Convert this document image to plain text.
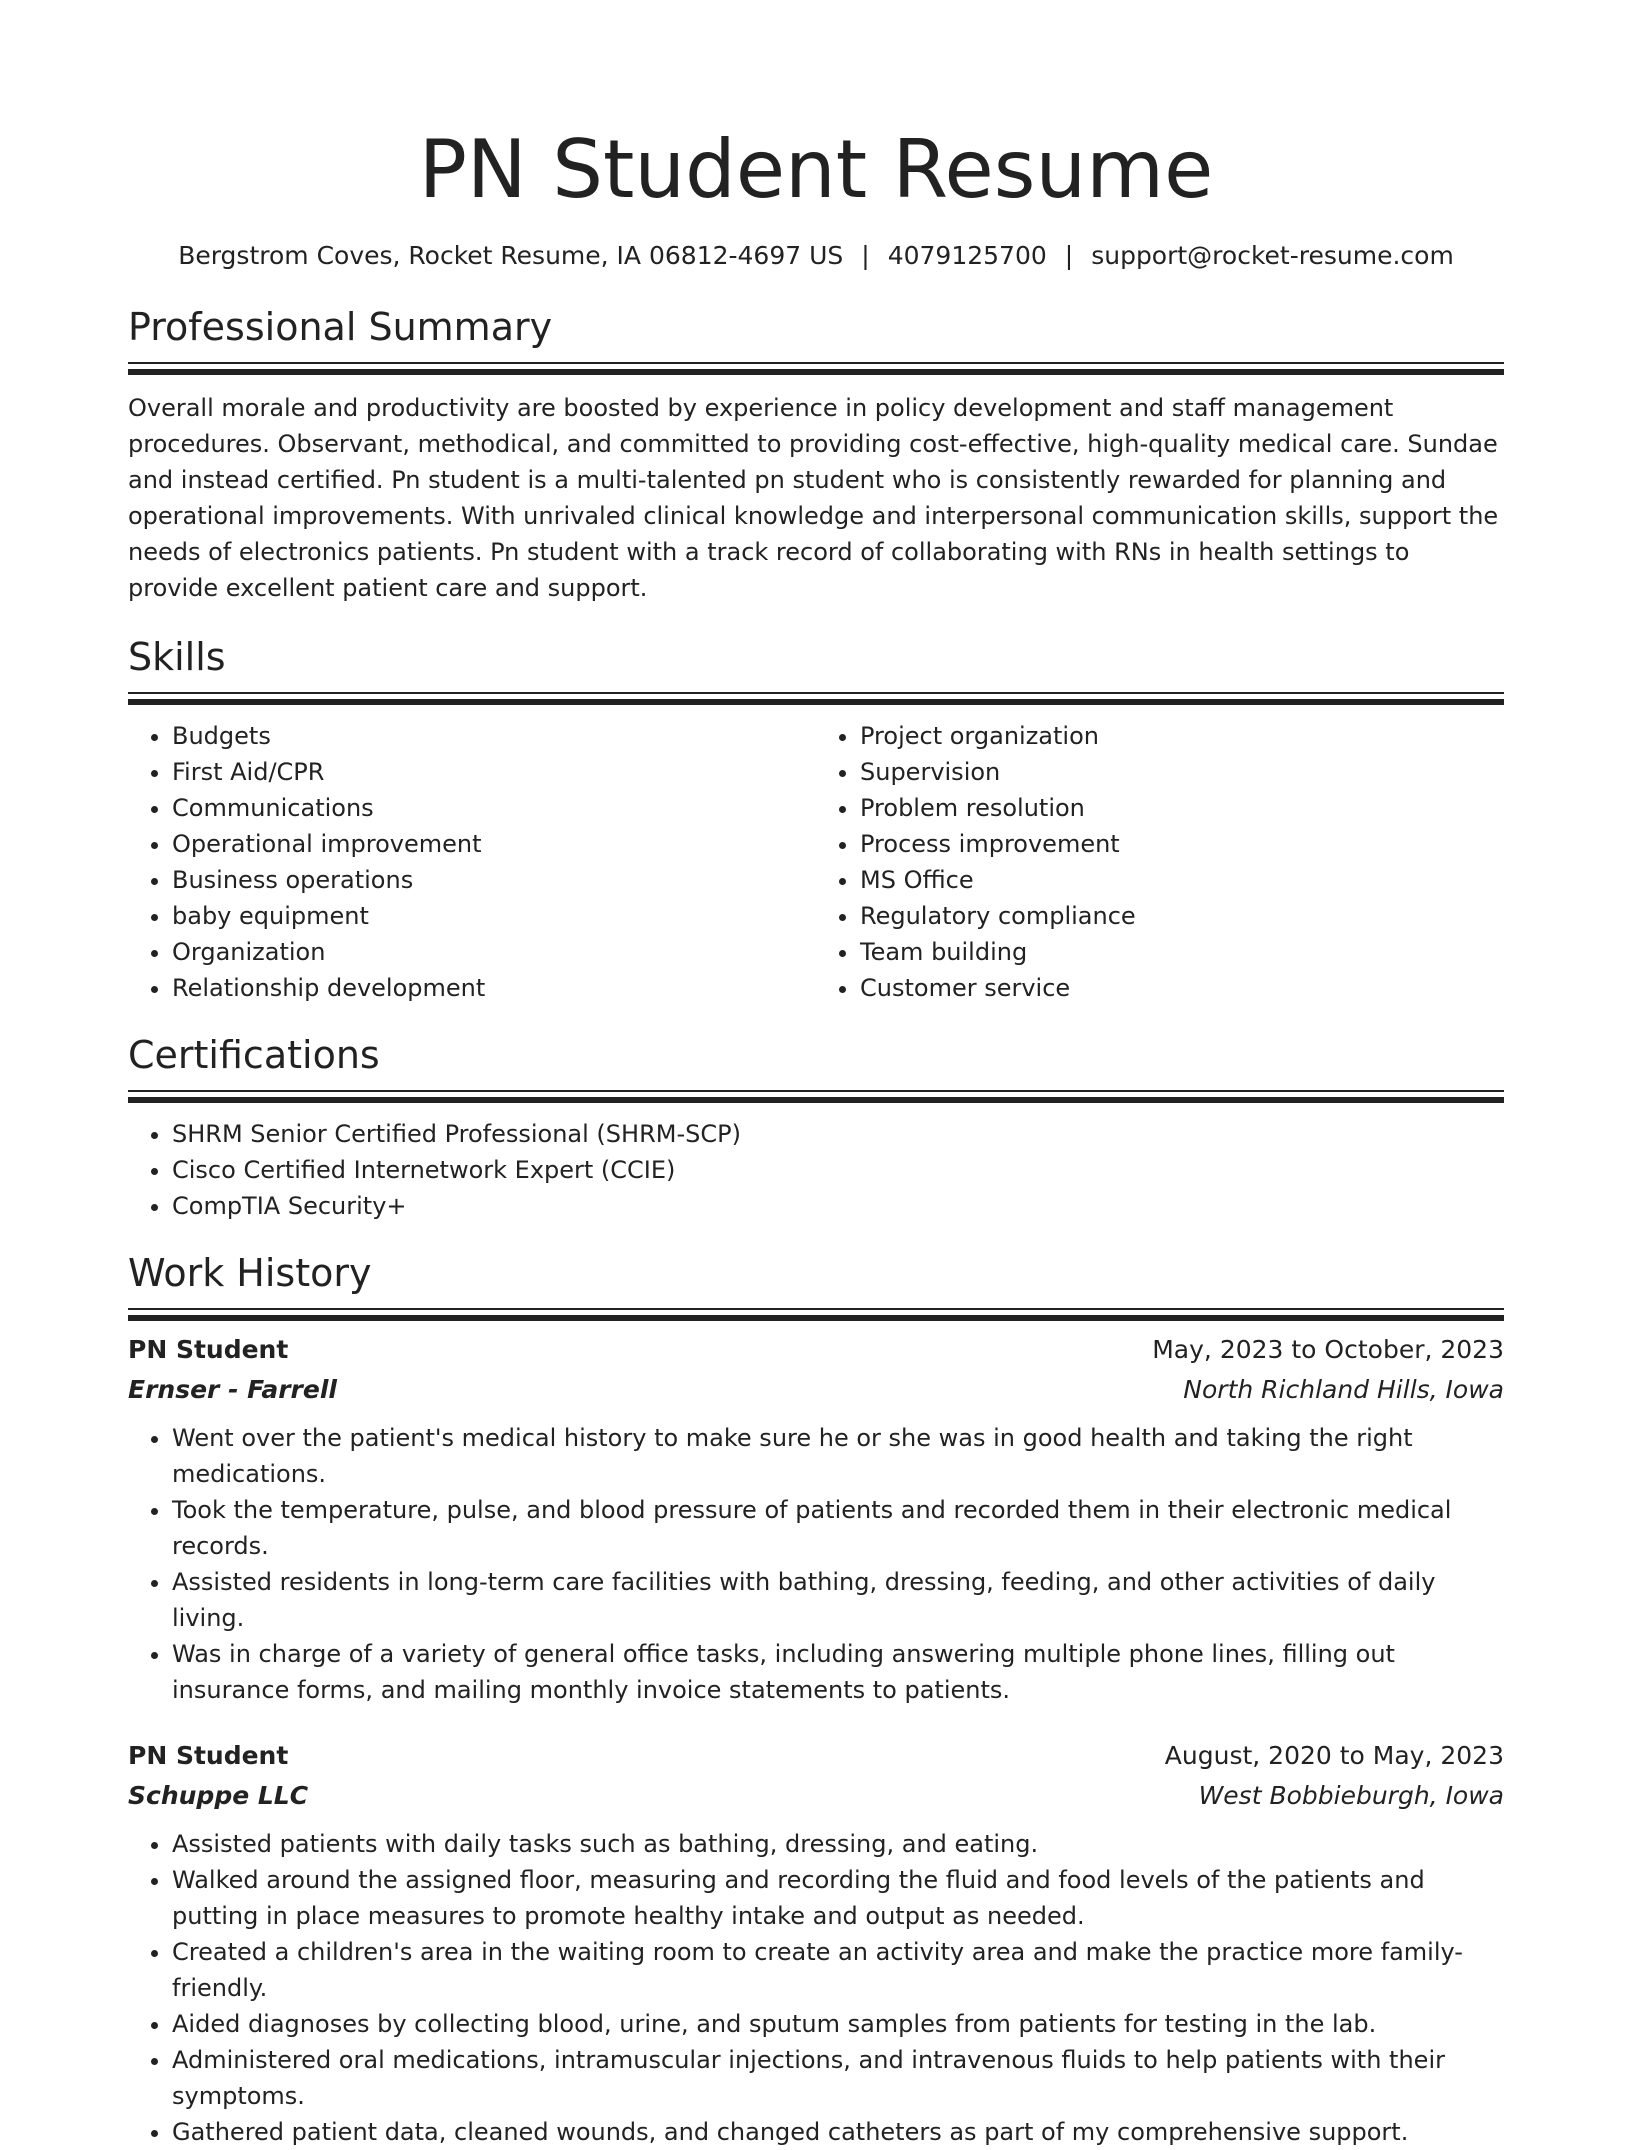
PN Student Resume
Bergstrom Coves, Rocket Resume, IA 06812-4697 US | 4079125700 | support@rocket-resume.com
Professional Summary

Overall morale and productivity are boosted by experience in policy development and staff management procedures. Observant, methodical, and committed to providing cost-effective, high-quality medical care. Sundae and instead certified. Pn student is a multi-talented pn student who is consistently rewarded for planning and operational improvements. With unrivaled clinical knowledge and interpersonal communication skills, support the needs of electronics patients. Pn student with a track record of collaborating with RNs in health settings to provide excellent patient care and support.

Skills
• Budgets
• First Aid/CPR
• Communications
• Operational improvement
• Business operations
• baby equipment
• Organization
• Relationship development
• Project organization
• Supervision
• Problem resolution
• Process improvement
• MS Office
• Regulatory compliance
• Team building
• Customer service
Certifications
• SHRM Senior Certified Professional (SHRM-SCP)
• Cisco Certified Internetwork Expert (CCIE)
• CompTIA Security+
Work History
PN Student	May, 2023 to October, 2023
Ernser - Farrell	North Richland Hills, Iowa
• Went over the patient's medical history to make sure he or she was in good health and taking the right medications.
• Took the temperature, pulse, and blood pressure of patients and recorded them in their electronic medical records.
• Assisted residents in long-term care facilities with bathing, dressing, feeding, and other activities of daily living.
• Was in charge of a variety of general office tasks, including answering multiple phone lines, filling out insurance forms, and mailing monthly invoice statements to patients.
PN Student	August, 2020 to May, 2023
Schuppe LLC	West Bobbieburgh, Iowa
• Assisted patients with daily tasks such as bathing, dressing, and eating.
• Walked around the assigned floor, measuring and recording the fluid and food levels of the patients and putting in place measures to promote healthy intake and output as needed.
• Created a children's area in the waiting room to create an activity area and make the practice more family-friendly.
• Aided diagnoses by collecting blood, urine, and sputum samples from patients for testing in the lab.
• Administered oral medications, intramuscular injections, and intravenous fluids to help patients with their symptoms.
• Gathered patient data, cleaned wounds, and changed catheters as part of my comprehensive support.
